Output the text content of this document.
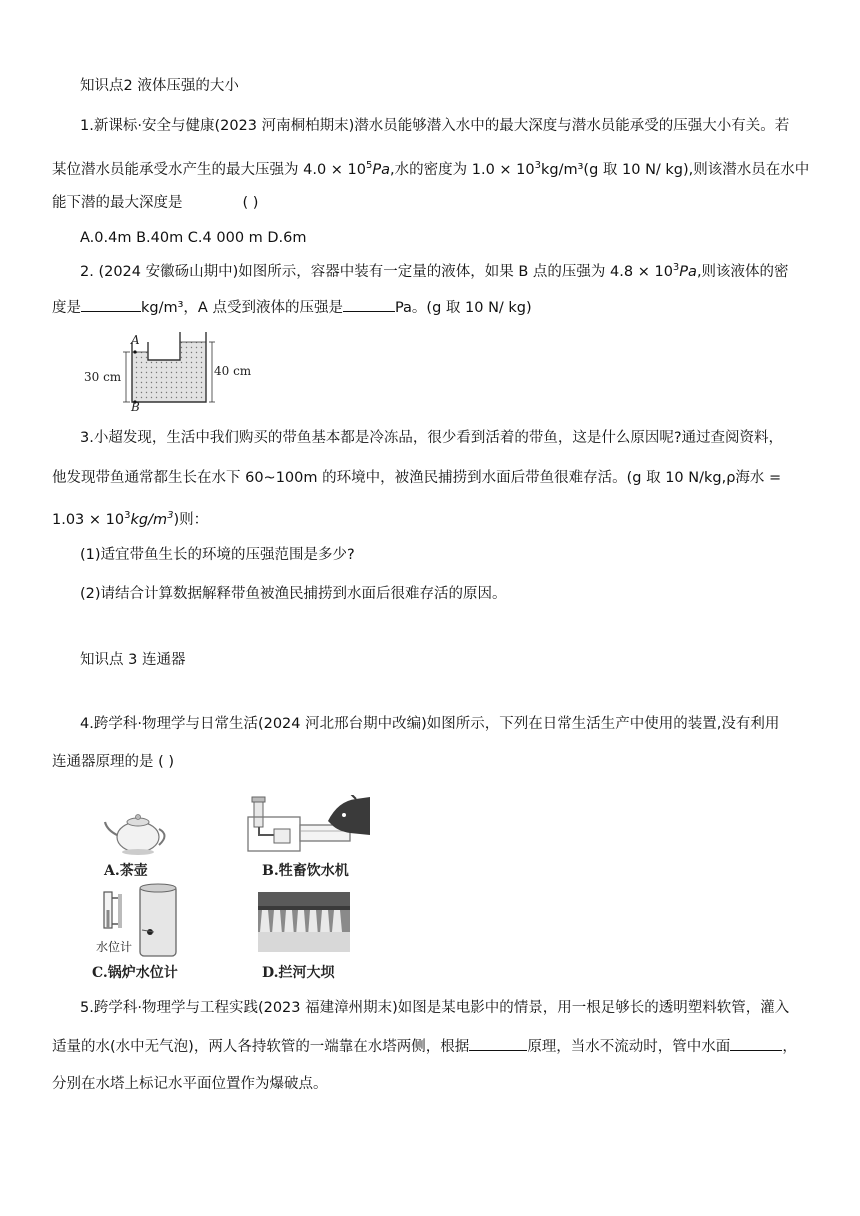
知识点2 液体压强的大小
1.新课标·安全与健康(2023 河南桐柏期末)潜水员能够潜入水中的最大深度与潜水员能承受的压强大小有关。若
某位潜水员能承受水产生的最大压强为 $4.0 \times 10^5Pa$,水的密度为 $1.0 \times 10^3kg/m^3(g$ 取 10 N/ kg),则该潜水员在水中
能下潜的最大深度是	( )
A.0.4m B.40m C.4 000 m D.6m
2. (2024 安徽砀山期中)如图所示，容器中装有一定量的液体，如果 B 点的压强为 $4.8 \times 10^3Pa$,则该液体的密
度是	kg/m³，A 点受到液体的压强是	Pa。(g 取 10 N/ kg)
A
B
30 cm	40 cm
3.小超发现，生活中我们购买的带鱼基本都是冷冻品，很少看到活着的带鱼，这是什么原因呢?通过查阅资料，
他发现带鱼通常都生长在水下 60~100m 的环境中，被渔民捕捞到水面后带鱼很难存活。(g 取 10 N/kg,ρ海水 =
$1.03 \times 10^3kg/m^3$)则：
(1)适宜带鱼生长的环境的压强范围是多少?
(2)请结合计算数据解释带鱼被渔民捕捞到水面后很难存活的原因。
知识点 3 连通器
4.跨学科·物理学与日常生活(2024 河北邢台期中改编)如图所示，下列在日常生活生产中使用的装置,没有利用
连通器原理的是 ( )
A.茶壶	B.牲畜饮水机
水位计
C.锅炉水位计	D.拦河大坝
5.跨学科·物理学与工程实践(2023 福建漳州期末)如图是某电影中的情景，用一根足够长的透明塑料软管，灌入
适量的水(水中无气泡)，两人各持软管的一端靠在水塔两侧，根据	原理，当水不流动时，管中水面	，
分别在水塔上标记水平面位置作为爆破点。
